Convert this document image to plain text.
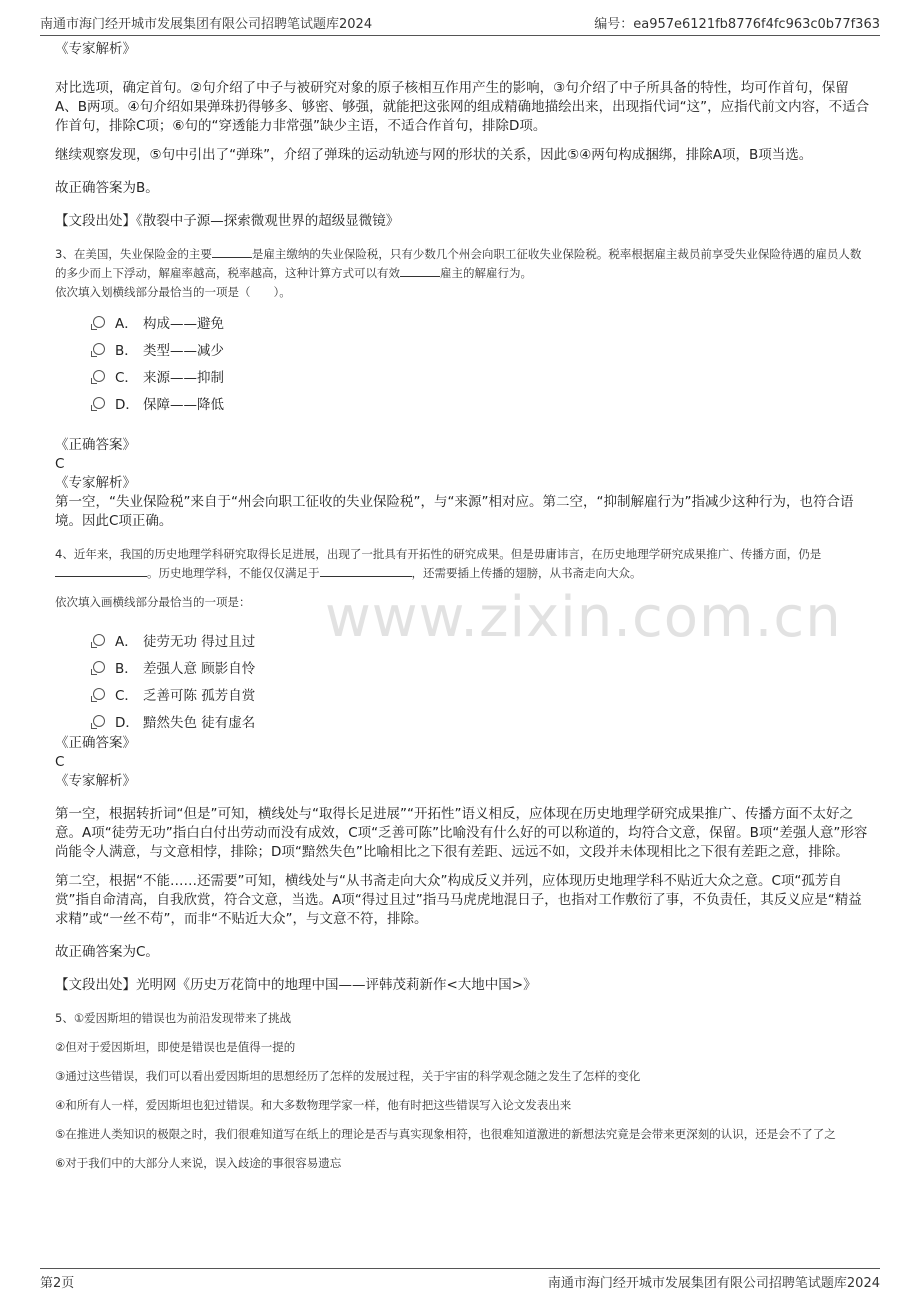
南通市海门经开城市发展集团有限公司招聘笔试题库2024	编号：ea957e6121fb8776f4fc963c0b77f363
www.zixin.com.cn

《专家解析》

对比选项，确定首句。②句介绍了中子与被研究对象的原子核相互作用产生的影响，③句介绍了中子所具备的特性，均可作首句，保留A、B两项。④句介绍如果弹珠扔得够多、够密、够强，就能把这张网的组成精确地描绘出来，出现指代词“这”，应指代前文内容，不适合作首句，排除C项；⑥句的“穿透能力非常强”缺少主语，不适合作首句，排除D项。

继续观察发现，⑤句中引出了“弹珠”，介绍了弹珠的运动轨迹与网的形状的关系，因此⑤④两句构成捆绑，排除A项，B项当选。

故正确答案为B。

【文段出处】《散裂中子源—探索微观世界的超级显微镜》

3、在美国，失业保险金的主要	是雇主缴纳的失业保险税，只有少数几个州会向职工征收失业保险税。税率根据雇主裁员前享受失业保险待遇的雇员人数的多少而上下浮动，解雇率越高，税率越高，这种计算方式可以有效	雇主的解雇行为。

依次填入划横线部分最恰当的一项是（　　）。

A． 构成——避免
B． 类型——减少
C． 来源——抑制
D． 保障——降低

《正确答案》

C

《专家解析》

第一空，“失业保险税”来自于“州会向职工征收的失业保险税”，与“来源”相对应。第二空，“抑制解雇行为”指减少这种行为，也符合语境。因此C项正确。

4、近年来，我国的历史地理学科研究取得长足进展，出现了一批具有开拓性的研究成果。但是毋庸讳言，在历史地理学研究成果推广、传播方面，仍是。历史地理学科，不能仅仅满足于	，还需要插上传播的翅膀，从书斋走向大众。

依次填入画横线部分最恰当的一项是：

A． 徒劳无功 得过且过
B． 差强人意 顾影自怜
C． 乏善可陈 孤芳自赏
D． 黯然失色 徒有虚名

《正确答案》

C

《专家解析》

第一空，根据转折词“但是”可知，横线处与“取得长足进展”“开拓性”语义相反，应体现在历史地理学研究成果推广、传播方面不太好之意。A项“徒劳无功”指白白付出劳动而没有成效，C项“乏善可陈”比喻没有什么好的可以称道的，均符合文意，保留。B项“差强人意”形容尚能令人满意，与文意相悖，排除；D项“黯然失色”比喻相比之下很有差距、远远不如，文段并未体现相比之下很有差距之意，排除。

第二空，根据“不能……还需要”可知，横线处与“从书斋走向大众”构成反义并列，应体现历史地理学科不贴近大众之意。C项“孤芳自赏”指自命清高，自我欣赏，符合文意，当选。A项“得过且过”指马马虎虎地混日子，也指对工作敷衍了事，不负责任，其反义应是“精益求精”或“一丝不苟”，而非“不贴近大众”，与文意不符，排除。

故正确答案为C。

【文段出处】光明网《历史万花筒中的地理中国——评韩茂莉新作<大地中国>》

5、①爱因斯坦的错误也为前沿发现带来了挑战

②但对于爱因斯坦，即使是错误也是值得一提的

③通过这些错误，我们可以看出爱因斯坦的思想经历了怎样的发展过程，关于宇宙的科学观念随之发生了怎样的变化

④和所有人一样，爱因斯坦也犯过错误。和大多数物理学家一样，他有时把这些错误写入论文发表出来

⑤在推进人类知识的极限之时，我们很难知道写在纸上的理论是否与真实现象相符，也很难知道激进的新想法究竟是会带来更深刻的认识，还是会不了了之

⑥对于我们中的大部分人来说，误入歧途的事很容易遗忘

第2页	南通市海门经开城市发展集团有限公司招聘笔试题库2024
